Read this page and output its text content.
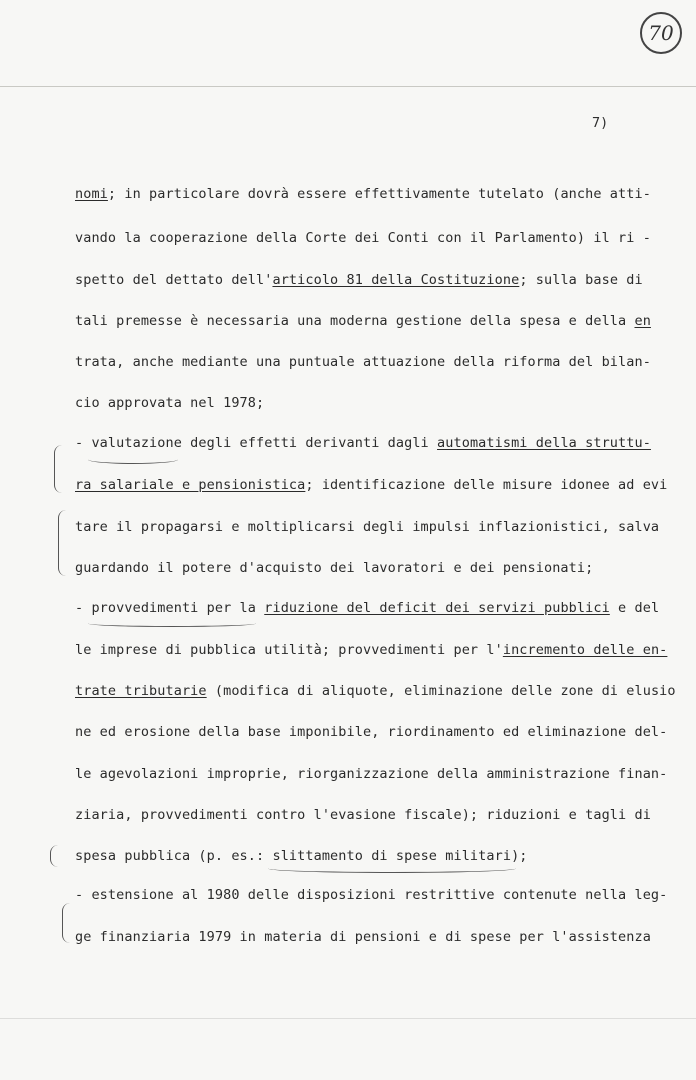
70
7)
nomi; in particolare dovrà essere effettivamente tutelato (anche atti-
vando la cooperazione della Corte dei Conti con il Parlamento) il ri -
spetto del dettato dell'articolo 81 della Costituzione; sulla base di
tali premesse è necessaria una moderna gestione della spesa e della en
trata, anche mediante una puntuale attuazione della riforma del bilan-
cio approvata nel 1978;
- valutazione degli effetti derivanti dagli automatismi della struttu-
ra salariale e pensionistica; identificazione delle misure idonee ad evi
tare il propagarsi e moltiplicarsi degli impulsi inflazionistici, salva
guardando il potere d'acquisto dei lavoratori e dei pensionati;
- provvedimenti per la riduzione del deficit dei servizi pubblici e del
le imprese di pubblica utilità; provvedimenti per l'incremento delle en-
trate tributarie (modifica di aliquote, eliminazione delle zone di elusio
ne ed erosione della base imponibile, riordinamento ed eliminazione del-
le agevolazioni improprie, riorganizzazione della amministrazione finan-
ziaria, provvedimenti contro l'evasione fiscale); riduzioni e tagli di
spesa pubblica (p. es.: slittamento di spese militari);
- estensione al 1980 delle disposizioni restrittive contenute nella leg-
ge finanziaria 1979 in materia di pensioni e di spese per l'assistenza
